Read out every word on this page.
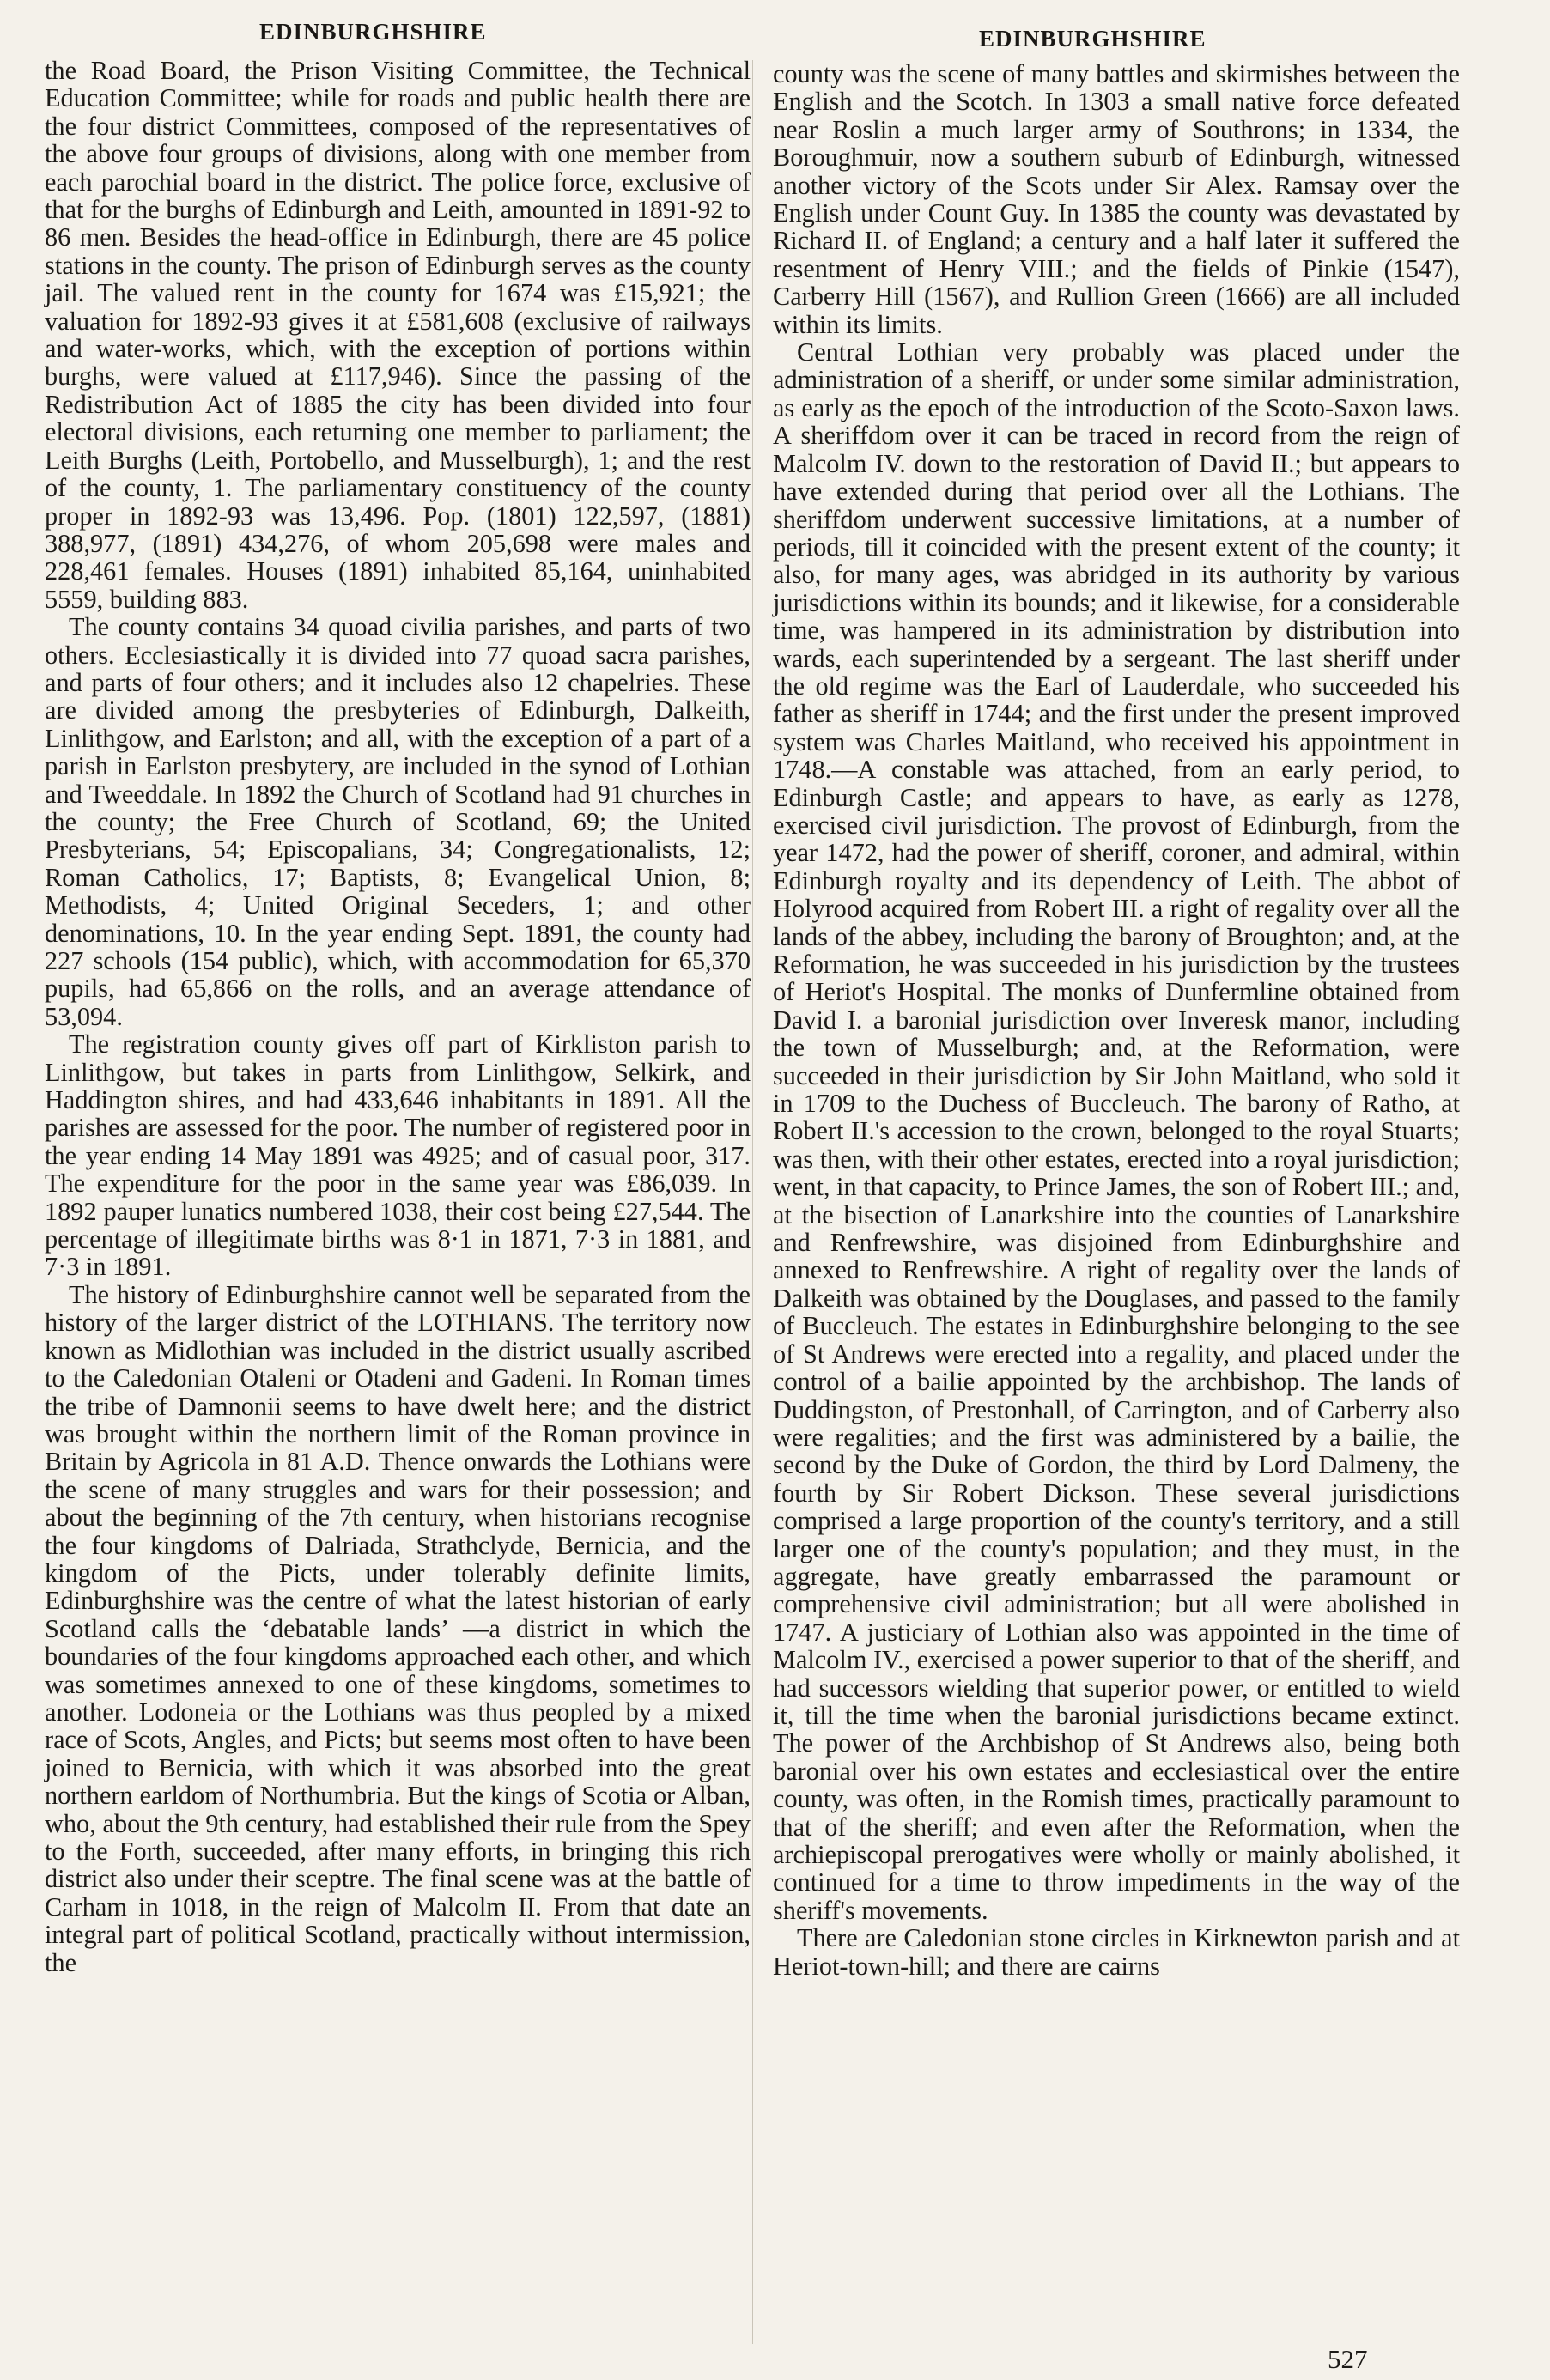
EDINBURGHSHIRE	EDINBURGHSHIRE

the Road Board, the Prison Visiting Committee, the Technical Education Committee; while for roads and public health there are the four district Committees, composed of the representatives of the above four groups of divisions, along with one member from each parochial board in the district. The police force, exclusive of that for the burghs of Edinburgh and Leith, amounted in 1891-92 to 86 men. Besides the head-office in Edinburgh, there are 45 police stations in the county. The prison of Edinburgh serves as the county jail. The valued rent in the county for 1674 was £15,921; the valuation for 1892-93 gives it at £581,608 (exclusive of railways and water-works, which, with the exception of portions within burghs, were valued at £117,946). Since the passing of the Redistribution Act of 1885 the city has been divided into four electoral divisions, each returning one member to parliament; the Leith Burghs (Leith, Portobello, and Musselburgh), 1; and the rest of the county, 1. The parliamentary constituency of the county proper in 1892-93 was 13,496. Pop. (1801) 122,597, (1881) 388,977, (1891) 434,276, of whom 205,698 were males and 228,461 females. Houses (1891) inhabited 85,164, uninhabited 5559, building 883.

The county contains 34 quoad civilia parishes, and parts of two others. Ecclesiastically it is divided into 77 quoad sacra parishes, and parts of four others; and it includes also 12 chapelries. These are divided among the presbyteries of Edinburgh, Dalkeith, Linlithgow, and Earlston; and all, with the exception of a part of a parish in Earlston presbytery, are included in the synod of Lothian and Tweeddale. In 1892 the Church of Scotland had 91 churches in the county; the Free Church of Scotland, 69; the United Presbyterians, 54; Episcopalians, 34; Congregationalists, 12; Roman Catholics, 17; Baptists, 8; Evangelical Union, 8; Methodists, 4; United Original Seceders, 1; and other denominations, 10. In the year ending Sept. 1891, the county had 227 schools (154 public), which, with accommodation for 65,370 pupils, had 65,866 on the rolls, and an average attendance of 53,094.

The registration county gives off part of Kirkliston parish to Linlithgow, but takes in parts from Linlithgow, Selkirk, and Haddington shires, and had 433,646 inhabitants in 1891. All the parishes are assessed for the poor. The number of registered poor in the year ending 14 May 1891 was 4925; and of casual poor, 317. The expenditure for the poor in the same year was £86,039. In 1892 pauper lunatics numbered 1038, their cost being £27,544. The percentage of illegitimate births was 8·1 in 1871, 7·3 in 1881, and 7·3 in 1891.

The history of Edinburghshire cannot well be separated from the history of the larger district of the LOTHIANS. The territory now known as Midlothian was included in the district usually ascribed to the Caledonian Otaleni or Otadeni and Gadeni. In Roman times the tribe of Damnonii seems to have dwelt here; and the district was brought within the northern limit of the Roman province in Britain by Agricola in 81 A.D. Thence onwards the Lothians were the scene of many struggles and wars for their possession; and about the beginning of the 7th century, when historians recognise the four kingdoms of Dalriada, Strathclyde, Bernicia, and the kingdom of the Picts, under tolerably definite limits, Edinburghshire was the centre of what the latest historian of early Scotland calls the ‘debatable lands’ —a district in which the boundaries of the four kingdoms approached each other, and which was sometimes annexed to one of these kingdoms, sometimes to another. Lodoneia or the Lothians was thus peopled by a mixed race of Scots, Angles, and Picts; but seems most often to have been joined to Bernicia, with which it was absorbed into the great northern earldom of Northumbria. But the kings of Scotia or Alban, who, about the 9th century, had established their rule from the Spey to the Forth, succeeded, after many efforts, in bringing this rich district also under their sceptre. The final scene was at the battle of Carham in 1018, in the reign of Malcolm II. From that date an integral part of political Scotland, practically without intermission, the

county was the scene of many battles and skirmishes between the English and the Scotch. In 1303 a small native force defeated near Roslin a much larger army of Southrons; in 1334, the Boroughmuir, now a southern suburb of Edinburgh, witnessed another victory of the Scots under Sir Alex. Ramsay over the English under Count Guy. In 1385 the county was devastated by Richard II. of England; a century and a half later it suffered the resentment of Henry VIII.; and the fields of Pinkie (1547), Carberry Hill (1567), and Rullion Green (1666) are all included within its limits.

Central Lothian very probably was placed under the administration of a sheriff, or under some similar administration, as early as the epoch of the introduction of the Scoto-Saxon laws. A sheriffdom over it can be traced in record from the reign of Malcolm IV. down to the restoration of David II.; but appears to have extended during that period over all the Lothians. The sheriffdom underwent successive limitations, at a number of periods, till it coincided with the present extent of the county; it also, for many ages, was abridged in its authority by various jurisdictions within its bounds; and it likewise, for a considerable time, was hampered in its administration by distribution into wards, each superintended by a sergeant. The last sheriff under the old regime was the Earl of Lauderdale, who succeeded his father as sheriff in 1744; and the first under the present improved system was Charles Maitland, who received his appointment in 1748.—A constable was attached, from an early period, to Edinburgh Castle; and appears to have, as early as 1278, exercised civil jurisdiction. The provost of Edinburgh, from the year 1472, had the power of sheriff, coroner, and admiral, within Edinburgh royalty and its dependency of Leith. The abbot of Holyrood acquired from Robert III. a right of regality over all the lands of the abbey, including the barony of Broughton; and, at the Reformation, he was succeeded in his jurisdiction by the trustees of Heriot's Hospital. The monks of Dunfermline obtained from David I. a baronial jurisdiction over Inveresk manor, including the town of Musselburgh; and, at the Reformation, were succeeded in their jurisdiction by Sir John Maitland, who sold it in 1709 to the Duchess of Buccleuch. The barony of Ratho, at Robert II.'s accession to the crown, belonged to the royal Stuarts; was then, with their other estates, erected into a royal jurisdiction; went, in that capacity, to Prince James, the son of Robert III.; and, at the bisection of Lanarkshire into the counties of Lanarkshire and Renfrewshire, was disjoined from Edinburghshire and annexed to Renfrewshire. A right of regality over the lands of Dalkeith was obtained by the Douglases, and passed to the family of Buccleuch. The estates in Edinburghshire belonging to the see of St Andrews were erected into a regality, and placed under the control of a bailie appointed by the archbishop. The lands of Duddingston, of Prestonhall, of Carrington, and of Carberry also were regalities; and the first was administered by a bailie, the second by the Duke of Gordon, the third by Lord Dalmeny, the fourth by Sir Robert Dickson. These several jurisdictions comprised a large proportion of the county's territory, and a still larger one of the county's population; and they must, in the aggregate, have greatly embarrassed the paramount or comprehensive civil administration; but all were abolished in 1747. A justiciary of Lothian also was appointed in the time of Malcolm IV., exercised a power superior to that of the sheriff, and had successors wielding that superior power, or entitled to wield it, till the time when the baronial jurisdictions became extinct. The power of the Archbishop of St Andrews also, being both baronial over his own estates and ecclesiastical over the entire county, was often, in the Romish times, practically paramount to that of the sheriff; and even after the Reformation, when the archiepiscopal prerogatives were wholly or mainly abolished, it continued for a time to throw impediments in the way of the sheriff's movements.

There are Caledonian stone circles in Kirknewton parish and at Heriot-town-hill; and there are cairns

527
